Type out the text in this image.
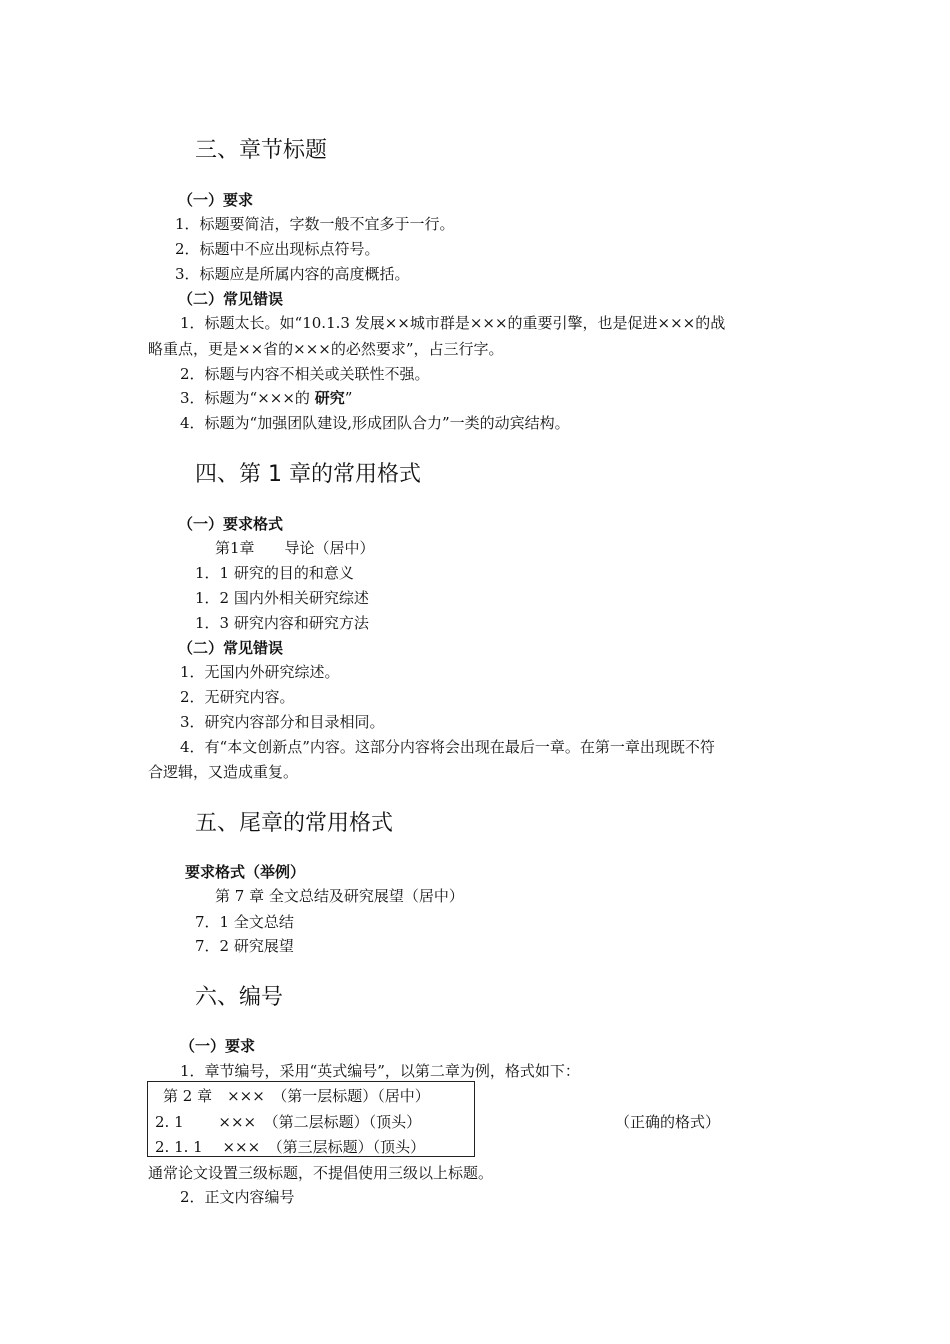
三、章节标题
（一）要求
1．标题要简洁，字数一般不宜多于一行。
2．标题中不应出现标点符号。
3．标题应是所属内容的高度概括。
（二）常见错误
1．标题太长。如“10.1.3 发展××城市群是×××的重要引擎，也是促进×××的战
略重点，更是××省的×××的必然要求”，占三行字。
2．标题与内容不相关或关联性不强。
3．标题为“×××的 研究”
4．标题为“加强团队建设,形成团队合力”一类的动宾结构。
四、第 1 章的常用格式
（一）要求格式
第1章　　导论（居中）
1．1 研究的目的和意义
1．2 国内外相关研究综述
1．3 研究内容和研究方法
（二）常见错误
1．无国内外研究综述。
2．无研究内容。
3．研究内容部分和目录相同。
4．有“本文创新点”内容。这部分内容将会出现在最后一章。在第一章出现既不符
合逻辑，又造成重复。
五、尾章的常用格式
要求格式（举例）
第 7 章 全文总结及研究展望（居中）
7．1 全文总结
7．2 研究展望
六、编号
（一）要求
1．章节编号，采用“英式编号”，以第二章为例，格式如下：
第 2 章　×××　（第一层标题）（居中）
2. 1　　 ×××　（第二层标题）（顶头）
2. 1. 1　 ×××　（第三层标题）（顶头）
（正确的格式）
通常论文设置三级标题，不提倡使用三级以上标题。
2．正文内容编号
